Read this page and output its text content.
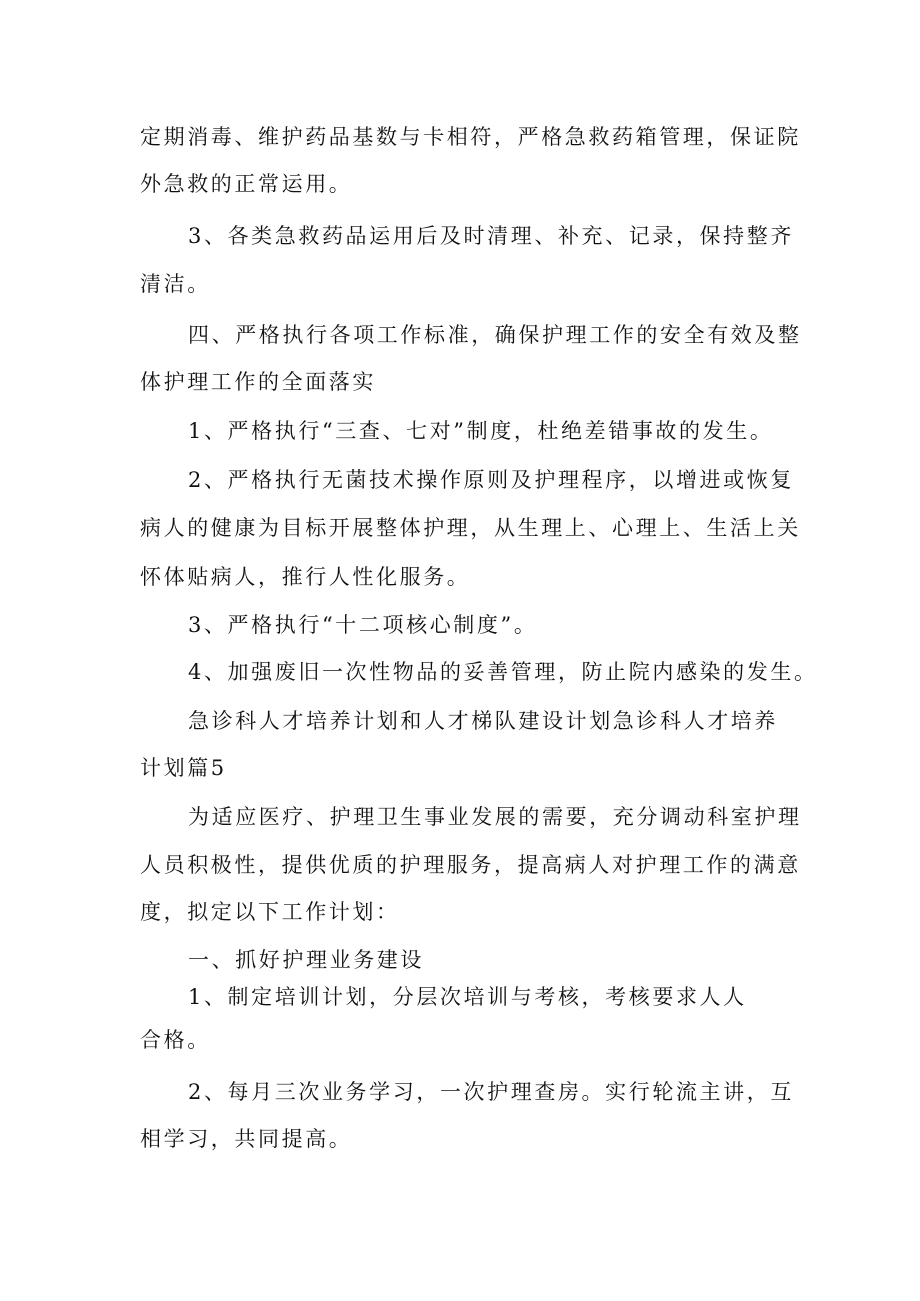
定期消毒、维护药品基数与卡相符，严格急救药箱管理，保证院
外急救的正常运用。
3、各类急救药品运用后及时清理、补充、记录，保持整齐
清洁。
四、严格执行各项工作标准，确保护理工作的安全有效及整
体护理工作的全面落实
1、严格执行“三查、七对”制度，杜绝差错事故的发生。
2、严格执行无菌技术操作原则及护理程序，以增进或恢复
病人的健康为目标开展整体护理，从生理上、心理上、生活上关
怀体贴病人，推行人性化服务。
3、严格执行“十二项核心制度”。
4、加强废旧一次性物品的妥善管理，防止院内感染的发生。
急诊科人才培养计划和人才梯队建设计划急诊科人才培养
计划篇5
为适应医疗、护理卫生事业发展的需要，充分调动科室护理
人员积极性，提供优质的护理服务，提高病人对护理工作的满意
度，拟定以下工作计划：
一、抓好护理业务建设
1、制定培训计划，分层次培训与考核，考核要求人人
合格。
2、每月三次业务学习，一次护理查房。实行轮流主讲，互
相学习，共同提高。
